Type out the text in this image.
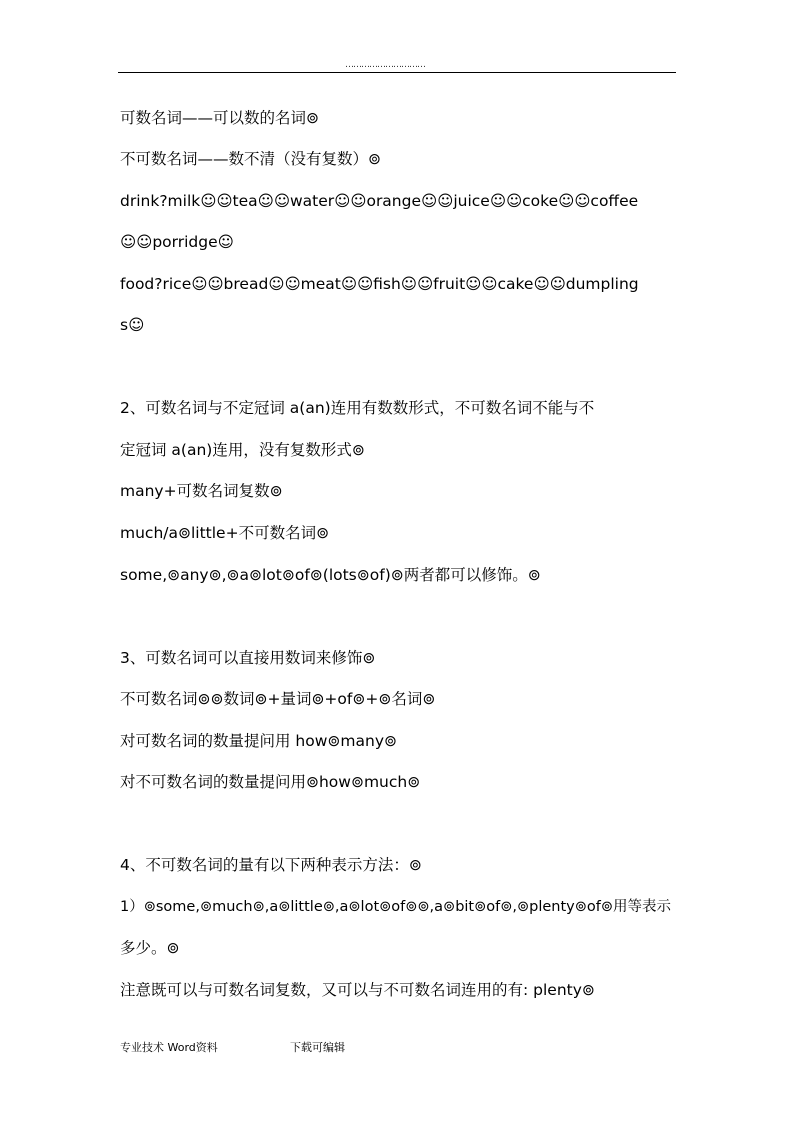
…………………………
可数名词——可以数的名词⊚
不可数名词——数不清（没有复数）⊚
drink?milk☺☺tea☺☺water☺☺orange☺☺juice☺☺coke☺☺coffee
☺☺porridge☺
food?rice☺☺bread☺☺meat☺☺fish☺☺fruit☺☺cake☺☺dumpling
s☺
2、可数名词与不定冠词 a(an)连用有数数形式，不可数名词不能与不
定冠词 a(an)连用，没有复数形式⊚
many+可数名词复数⊚
much/a⊚little+不可数名词⊚
some,⊚any⊚,⊚a⊚lot⊚of⊚(lots⊚of)⊚两者都可以修饰。⊚
3、可数名词可以直接用数词来修饰⊚
不可数名词⊚⊚数词⊚+量词⊚+of⊚+⊚名词⊚
对可数名词的数量提问用 how⊚many⊚
对不可数名词的数量提问用⊚how⊚much⊚
4、不可数名词的量有以下两种表示方法：⊚
1）⊚some,⊚much⊚,a⊚little⊚,a⊚lot⊚of⊚⊚,a⊚bit⊚of⊚,⊚plenty⊚of⊚用等表示
多少。⊚
注意既可以与可数名词复数，又可以与不可数名词连用的有: plenty⊚
专业技术 Word资料	下载可编辑
